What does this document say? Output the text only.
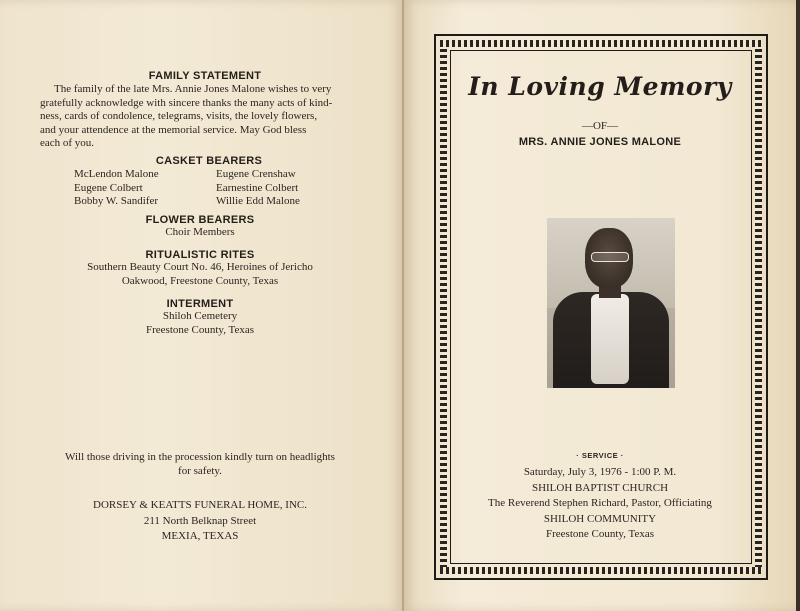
FAMILY STATEMENT
The family of the late Mrs. Annie Jones Malone wishes to very
gratefully acknowledge with sincere thanks the many acts of kind-
ness, cards of condolence, telegrams, visits, the lovely flowers,
and your attendence at the memorial service. May God bless
each of you.
CASKET BEARERS
McLendon Malone
Eugene Colbert
Bobby W. Sandifer
Eugene Crenshaw
Earnestine Colbert
Willie Edd Malone
FLOWER BEARERS
Choir Members
RITUALISTIC RITES
Southern Beauty Court No. 46, Heroines of Jericho
Oakwood, Freestone County, Texas
INTERMENT
Shiloh Cemetery
Freestone County, Texas
Will those driving in the procession kindly turn on headlights
for safety.
DORSEY & KEATTS FUNERAL HOME, INC.
211 North Belknap Street
MEXIA, TEXAS
In Loving Memory
—OF—
MRS. ANNIE JONES MALONE
· SERVICE ·
Saturday, July 3, 1976 - 1:00 P. M.
SHILOH BAPTIST CHURCH
The Reverend Stephen Richard, Pastor, Officiating
SHILOH COMMUNITY
Freestone County, Texas
